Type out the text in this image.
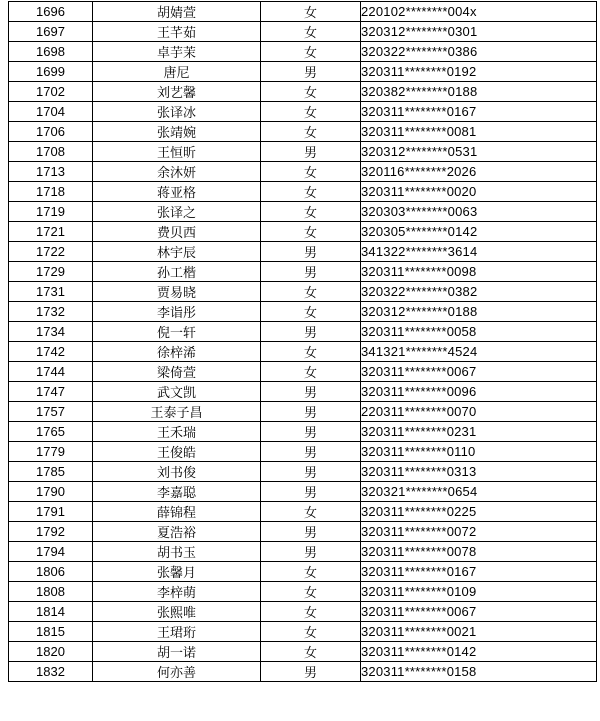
1696	胡婧萱	女	220102********004x
1697	王芊茹	女	320312********0301
1698	卓芋茉	女	320322********0386
1699	唐尼	男	320311********0192
1702	刘艺馨	女	320382********0188
1704	张译冰	女	320311********0167
1706	张靖婉	女	320311********0081
1708	王恒昕	男	320312********0531
1713	余沐妍	女	320116********2026
1718	蒋亚格	女	320311********0020
1719	张译之	女	320303********0063
1721	费贝西	女	320305********0142
1722	林宇辰	男	341322********3614
1729	孙工楷	男	320311********0098
1731	贾易晓	女	320322********0382
1732	李诣彤	女	320312********0188
1734	倪一轩	男	320311********0058
1742	徐梓浠	女	341321********4524
1744	梁倚萱	女	320311********0067
1747	武文凯	男	320311********0096
1757	王泰子昌	男	220311********0070
1765	王禾瑞	男	320311********0231
1779	王俊皓	男	320311********0110
1785	刘书俊	男	320311********0313
1790	李嘉聪	男	320321********0654
1791	薛锦程	女	320311********0225
1792	夏浩裕	男	320311********0072
1794	胡书玉	男	320311********0078
1806	张馨月	女	320311********0167
1808	李梓萌	女	320311********0109
1814	张熙唯	女	320311********0067
1815	王珺珩	女	320311********0021
1820	胡一诺	女	320311********0142
1832	何亦善	男	320311********0158
